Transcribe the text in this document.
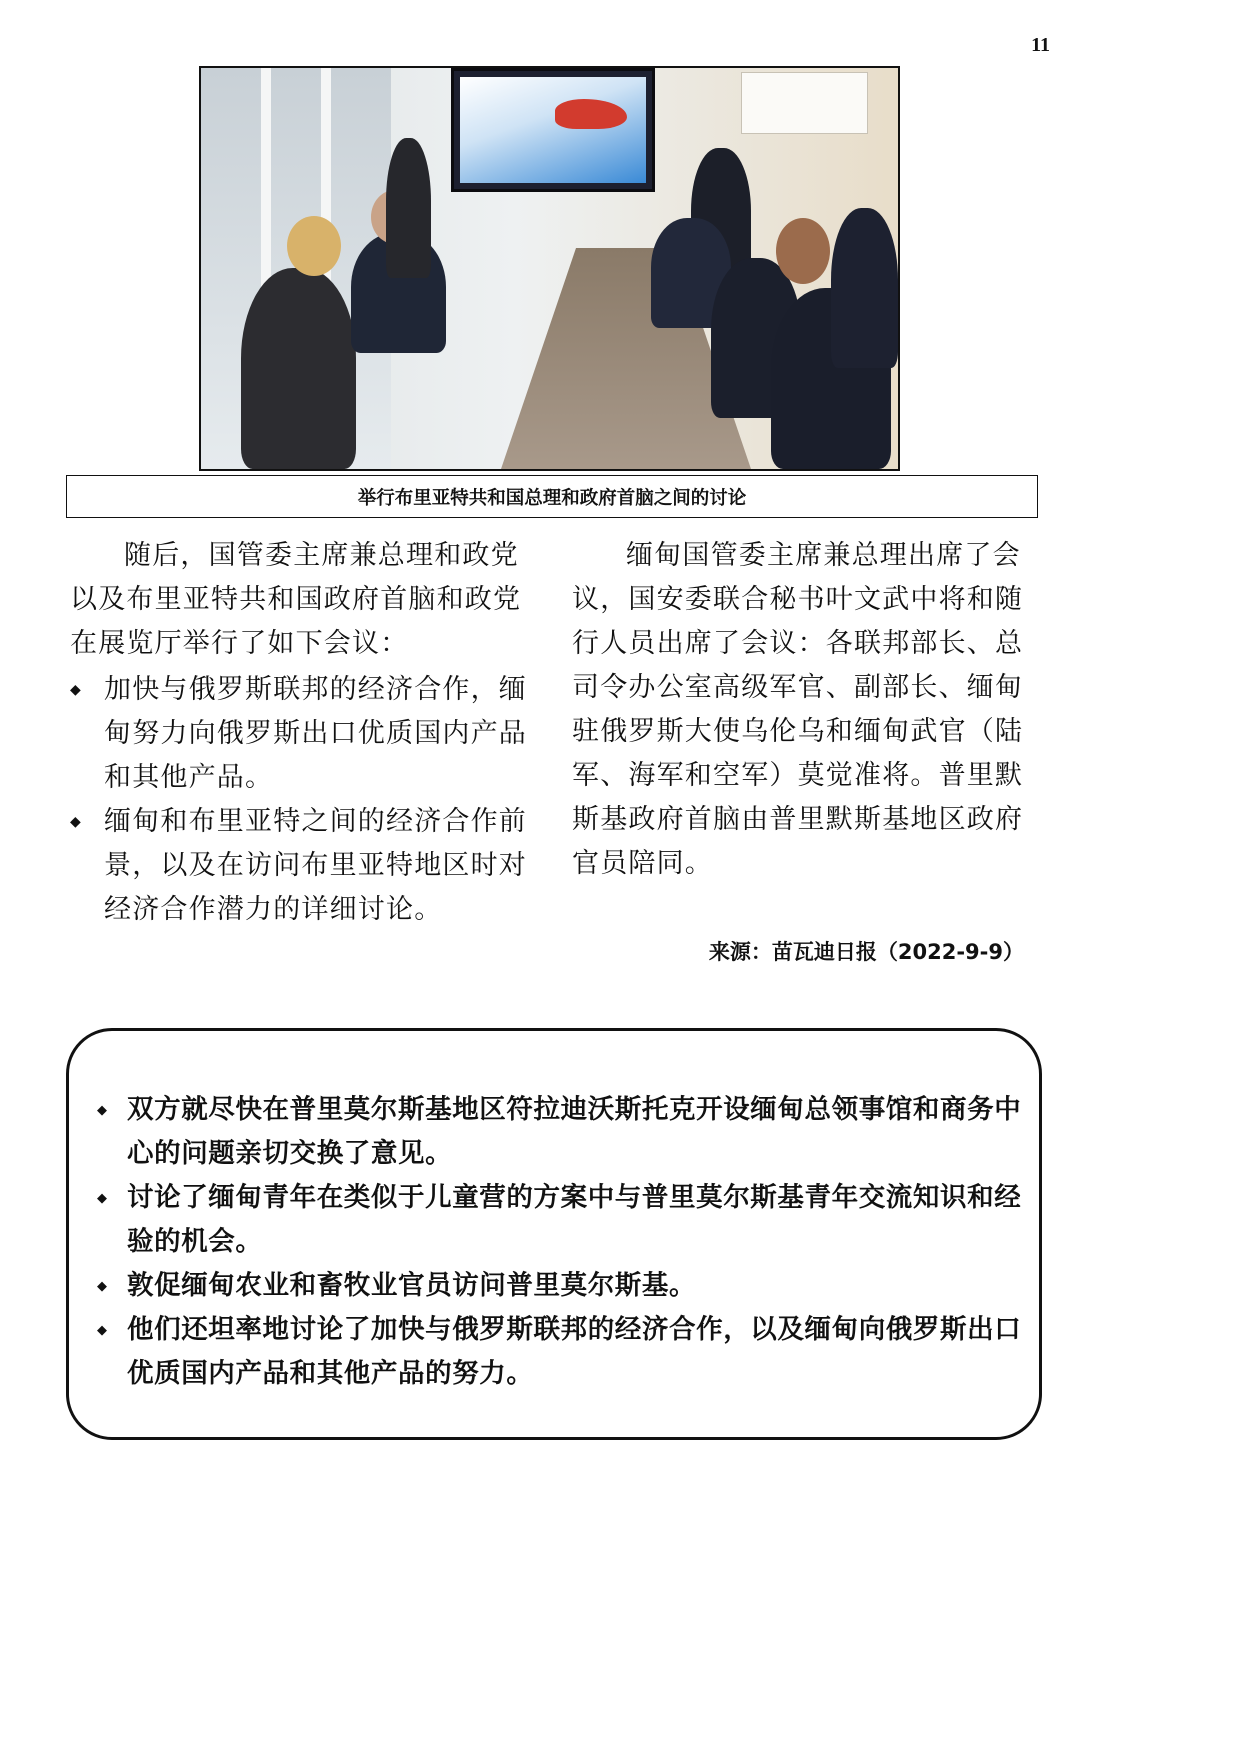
11
举行布里亚特共和国总理和政府首脑之间的讨论

随后，国管委主席兼总理和政党以及布里亚特共和国政府首脑和政党在展览厅举行了如下会议：

◆ 加快与俄罗斯联邦的经济合作，缅甸努力向俄罗斯出口优质国内产品和其他产品。
◆ 缅甸和布里亚特之间的经济合作前景，以及在访问布里亚特地区时对经济合作潜力的详细讨论。

缅甸国管委主席兼总理出席了会议，国安委联合秘书叶文武中将和随行人员出席了会议：各联邦部长、总司令办公室高级军官、副部长、缅甸驻俄罗斯大使乌伦乌和缅甸武官（陆军、海军和空军）莫觉准将。普里默斯基政府首脑由普里默斯基地区政府官员陪同。

来源：苗瓦迪日报（2022-9-9）
◆ 双方就尽快在普里莫尔斯基地区符拉迪沃斯托克开设缅甸总领事馆和商务中心的问题亲切交换了意见。
◆ 讨论了缅甸青年在类似于儿童营的方案中与普里莫尔斯基青年交流知识和经验的机会。
◆ 敦促缅甸农业和畜牧业官员访问普里莫尔斯基。
◆ 他们还坦率地讨论了加快与俄罗斯联邦的经济合作，以及缅甸向俄罗斯出口优质国内产品和其他产品的努力。
